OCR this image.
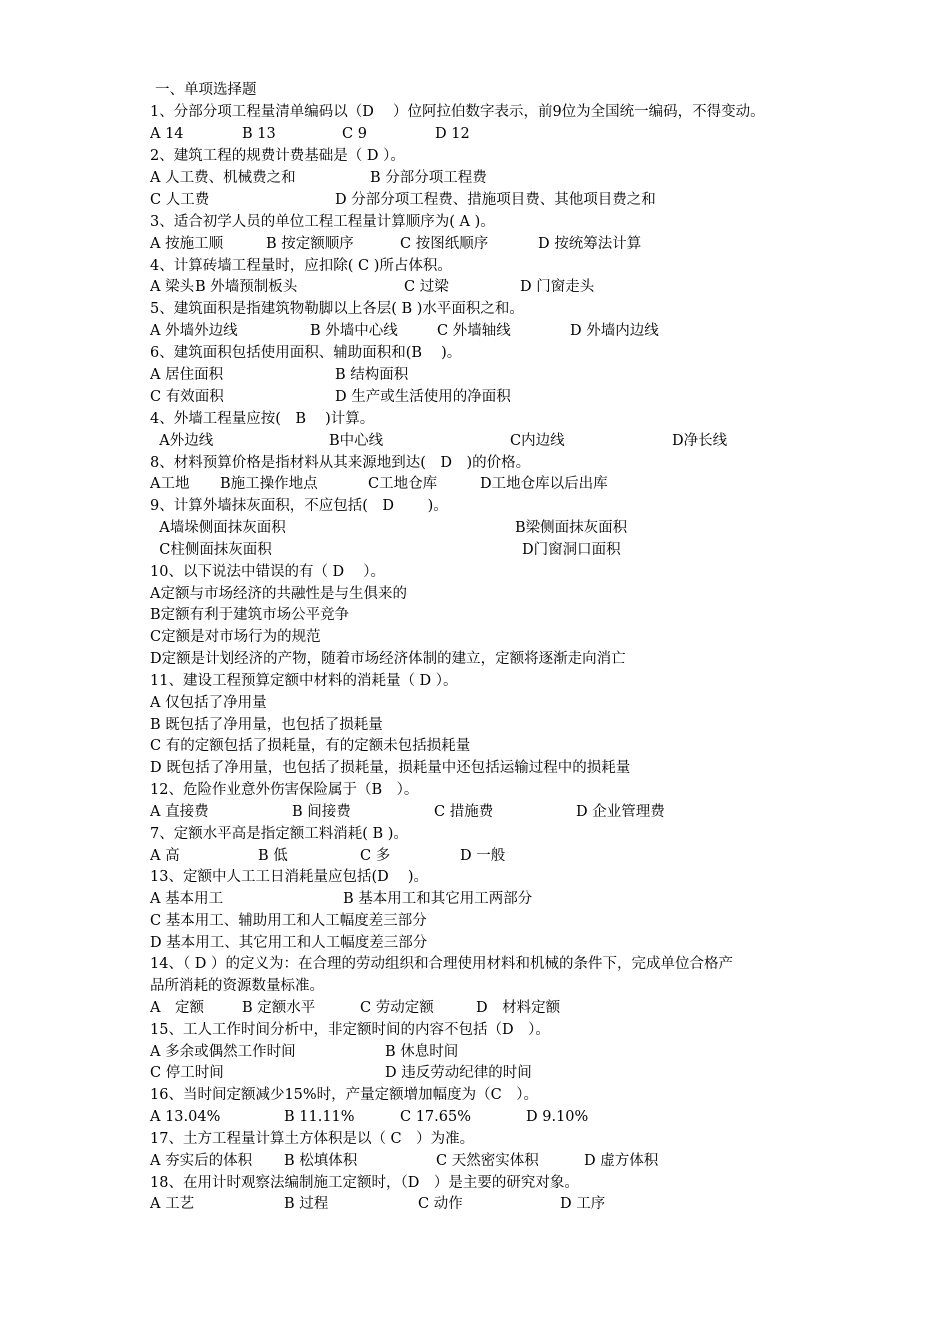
一、单项选择题
1、分部分项工程量清单编码以（D　 ）位阿拉伯数字表示，前9位为全国统一编码，不得变动。
A 14	B 13	C 9	D 12
2、建筑工程的规费计费基础是（ D ）。
A 人工费、机械费之和	B 分部分项工程费
C 人工费	D 分部分项工程费、措施项目费、其他项目费之和
3、适合初学人员的单位工程工程量计算顺序为( A )。
A 按施工顺	B 按定额顺序	C 按图纸顺序	D 按统筹法计算
4、计算砖墙工程量时，应扣除( C )所占体积。
A 梁头 B 外墙预制板头	C 过梁	D 门窗走头
5、建筑面积是指建筑物勒脚以上各层( B )水平面积之和。
A 外墙外边线	B 外墙中心线	C 外墙轴线	D 外墙内边线
6、建筑面积包括使用面积、辅助面积和(B　 )。
A 居住面积	B 结构面积
C 有效面积	D 生产或生活使用的净面积
4、外墙工程量应按(　B　 )计算。
A外边线	B中心线	C内边线	D净长线
8、材料预算价格是指材料从其来源地到达(　D　)的价格。
A工地 B施工操作地点	C工地仓库	D工地仓库以后出库
9、计算外墙抹灰面积，不应包括(　D　　 )。
A墙垛侧面抹灰面积	B梁侧面抹灰面积
C柱侧面抹灰面积	D门窗洞口面积
10、以下说法中错误的有（ D　 ）。
A定额与市场经济的共融性是与生俱来的
B定额有利于建筑市场公平竞争
C定额是对市场行为的规范
D定额是计划经济的产物，随着市场经济体制的建立，定额将逐渐走向消亡
11、建设工程预算定额中材料的消耗量（ D ）。
A 仅包括了净用量
B 既包括了净用量，也包括了损耗量
C 有的定额包括了损耗量，有的定额未包括损耗量
D 既包括了净用量，也包括了损耗量，损耗量中还包括运输过程中的损耗量
12、危险作业意外伤害保险属于（B　）。
A 直接费	B 间接费	C 措施费	D 企业管理费
7、定额水平高是指定额工料消耗( B )。
A 高	B 低	C 多	D 一般
13、定额中人工工日消耗量应包括(D　 )。
A 基本用工	B 基本用工和其它用工两部分
C 基本用工、辅助用工和人工幅度差三部分
D 基本用工、其它用工和人工幅度差三部分
14、（ D ）的定义为：在合理的劳动组织和合理使用材料和机械的条件下，完成单位合格产
品所消耗的资源数量标准。
A　定额	B 定额水平	C 劳动定额	D　材料定额
15、工人工作时间分析中，非定额时间的内容不包括（D　）。
A 多余或偶然工作时间	B 休息时间
C 停工时间	D 违反劳动纪律的时间
16、当时间定额减少15%时，产量定额增加幅度为（C　）。
A 13.04%	B 11.11%	C 17.65%	D 9.10%
17、土方工程量计算土方体积是以（ C　）为准。
A 夯实后的体积 B 松填体积	C 天然密实体积	D 虚方体积
18、在用计时观察法编制施工定额时，（D　）是主要的研究对象。
A 工艺	B 过程	C 动作	D 工序
